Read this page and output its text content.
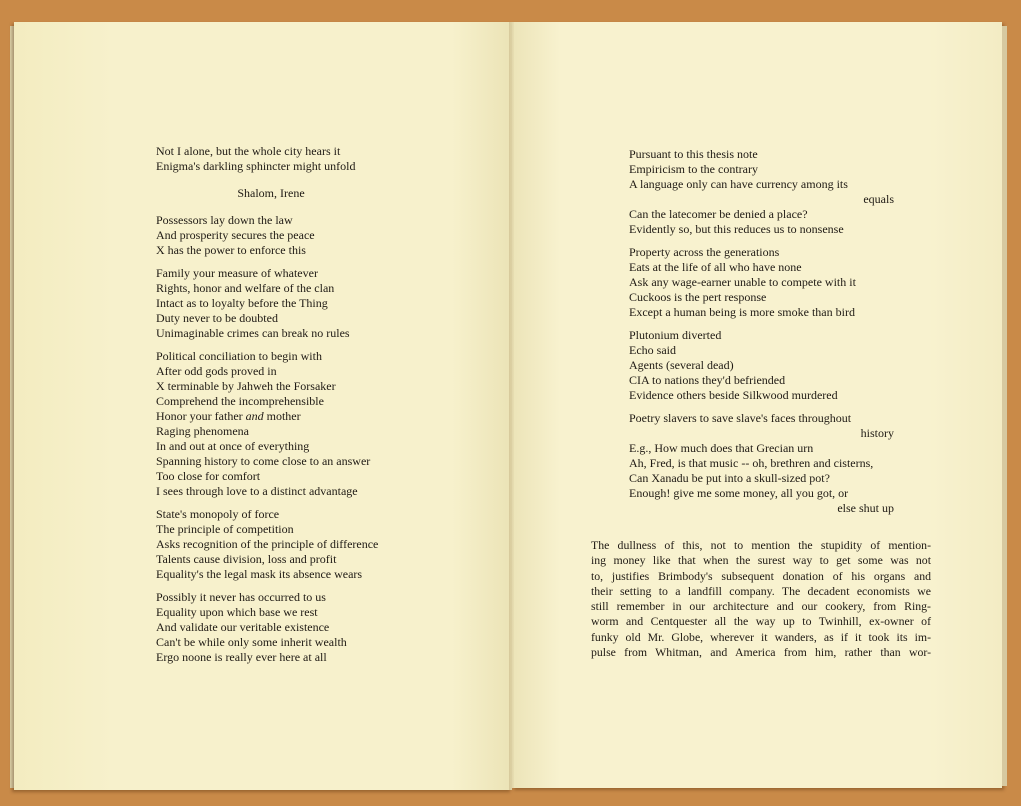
Not I alone, but the whole city hears it
Enigma's darkling sphincter might unfold
Shalom, Irene
Possessors lay down the law
And prosperity secures the peace
X has the power to enforce this
Family your measure of whatever
Rights, honor and welfare of the clan
Intact as to loyalty before the Thing
Duty never to be doubted
Unimaginable crimes can break no rules
Political conciliation to begin with
After odd gods proved in
X terminable by Jahweh the Forsaker
Comprehend the incomprehensible
Honor your father and mother
Raging phenomena
In and out at once of everything
Spanning history to come close to an answer
Too close for comfort
I sees through love to a distinct advantage
State's monopoly of force
The principle of competition
Asks recognition of the principle of difference
Talents cause division, loss and profit
Equality's the legal mask its absence wears
Possibly it never has occurred to us
Equality upon which base we rest
And validate our veritable existence
Can't be while only some inherit wealth
Ergo noone is really ever here at all
Pursuant to this thesis note
Empiricism to the contrary
A language only can have currency among its
equals
Can the latecomer be denied a place?
Evidently so, but this reduces us to nonsense
Property across the generations
Eats at the life of all who have none
Ask any wage-earner unable to compete with it
Cuckoos is the pert response
Except a human being is more smoke than bird
Plutonium diverted
Echo said
Agents (several dead)
CIA to nations they'd befriended
Evidence others beside Silkwood murdered
Poetry slavers to save slave's faces throughout
history
E.g., How much does that Grecian urn
Ah, Fred, is that music -- oh, brethren and cisterns,
Can Xanadu be put into a skull-sized pot?
Enough! give me some money, all you got, or
else shut up
The dullness of this, not to mention the stupidity of mention-
ing money like that when the surest way to get some was not
to, justifies Brimbody's subsequent donation of his organs and
their setting to a landfill company. The decadent economists we
still remember in our architecture and our cookery, from Ring-
worm and Centquester all the way up to Twinhill, ex-owner of
funky old Mr. Globe, wherever it wanders, as if it took its im-
pulse from Whitman, and America from him, rather than wor-
